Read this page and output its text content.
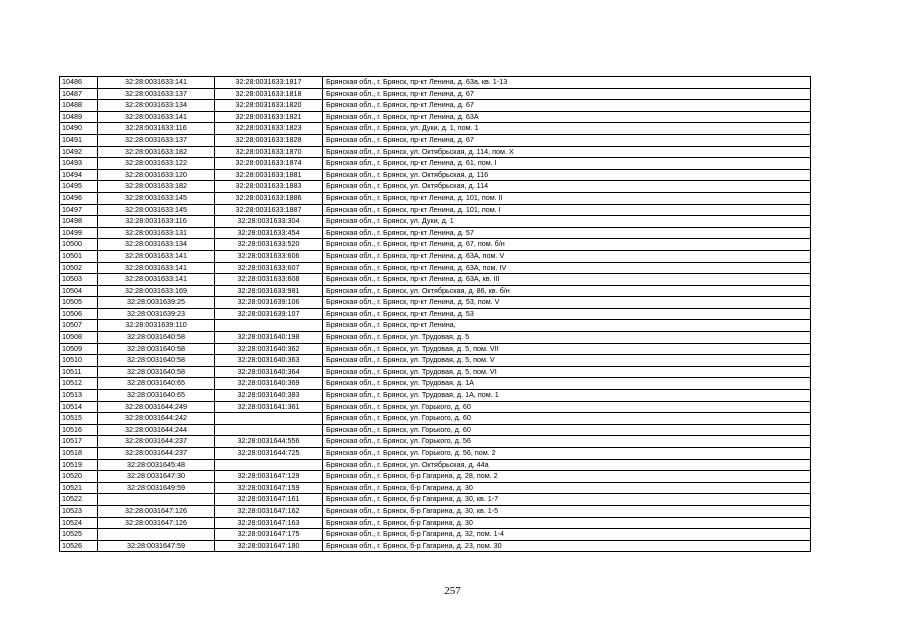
10486	32:28:0031633:141	32:28:0031633:1817	Брянская обл., г. Брянск, пр-кт Ленина, д. 63а, кв. 1-13
10487	32:28:0031633:137	32:28:0031633:1818	Брянская обл., г. Брянск, пр-кт Ленина, д. 67
10488	32:28:0031633:134	32:28:0031633:1820	Брянская обл., г. Брянск, пр-кт Ленина, д. 67
10489	32:28:0031633:141	32:28:0031633:1821	Брянская обл., г. Брянск, пр-кт Ленина, д. 63А
10490	32:28:0031633:116	32:28:0031633:1823	Брянская обл., г. Брянск, ул. Дуки, д. 1, пом. 1
10491	32:28:0031633:137	32:28:0031633:1828	Брянская обл., г. Брянск, пр-кт Ленина, д. 67
10492	32:28:0031633:182	32:28:0031633:1870	Брянская обл., г. Брянск, ул. Октябрьская, д. 114, пом. X
10493	32:28:0031633:122	32:28:0031633:1874	Брянская обл., г. Брянск, пр-кт Ленина, д. 61, пом. I
10494	32:28:0031633:120	32:28:0031633:1881	Брянская обл., г. Брянск, ул. Октябрьская, д. 116
10495	32:28:0031633:182	32:28:0031633:1883	Брянская обл., г. Брянск, ул. Октябрьская, д. 114
10496	32:28:0031633:145	32:28:0031633:1886	Брянская обл., г. Брянск, пр-кт Ленина, д. 101, пом. II
10497	32:28:0031633:145	32:28:0031633:1887	Брянская обл., г. Брянск, пр-кт Ленина, д. 101, пом. I
10498	32:28:0031633:116	32:28:0031633:304	Брянская обл., г. Брянск, ул. Дуки, д. 1
10499	32:28:0031633:131	32:28:0031633:454	Брянская обл., г. Брянск, пр-кт Ленина, д. 57
10500	32:28:0031633:134	32:28:0031633:520	Брянская обл., г. Брянск, пр-кт Ленина, д. 67, пом. б/н
10501	32:28:0031633:141	32:28:0031633:606	Брянская обл., г. Брянск, пр-кт Ленина, д. 63А, пом. V
10502	32:28:0031633:141	32:28:0031633:607	Брянская обл., г. Брянск, пр-кт Ленина, д. 63А, пом. IV
10503	32:28:0031633:141	32:28:0031633:608	Брянская обл., г. Брянск, пр-кт Ленина, д. 63А, кв. III
10504	32:28:0031633:169	32:28:0031633:981	Брянская обл., г. Брянск, ул. Октябрьская, д. 86, кв. б/н
10505	32:28:0031639:25	32:28:0031639:106	Брянская обл., г. Брянск, пр-кт Ленина, д. 53, пом. V
10506	32:28:0031639:23	32:28:0031639:107	Брянская обл., г. Брянск, пр-кт Ленина, д. 53
10507	32:28:0031639:110		Брянская обл., г. Брянск, пр-кт Ленина,
10508	32:28:0031640:58	32:28:0031640:198	Брянская обл., г. Брянск, ул. Трудовая, д. 5
10509	32:28:0031640:58	32:28:0031640:362	Брянская обл., г. Брянск, ул. Трудовая, д. 5, пом. VII
10510	32:28:0031640:58	32:28:0031640:363	Брянская обл., г. Брянск, ул. Трудовая, д. 5, пом. V
10511	32:28:0031640:58	32:28:0031640:364	Брянская обл., г. Брянск, ул. Трудовая, д. 5, пом. VI
10512	32:28:0031640:65	32:28:0031640:369	Брянская обл., г. Брянск, ул. Трудовая, д. 1А
10513	32:28:0031640:65	32:28:0031640:383	Брянская обл., г. Брянск, ул. Трудовая, д. 1А, пом. 1
10514	32:28:0031644:249	32:28:0031641:361	Брянская обл., г. Брянск, ул. Горького, д. 60
10515	32:28:0031644:242		Брянская обл., г. Брянск, ул. Горького, д. 60
10516	32:28:0031644:244		Брянская обл., г. Брянск, ул. Горького, д. 60
10517	32:28:0031644:237	32:28:0031644:556	Брянская обл., г. Брянск, ул. Горького, д. 56
10518	32:28:0031644:237	32:28:0031644:725	Брянская обл., г. Брянск, ул. Горького, д. 56, пом. 2
10519	32:28:0031645:48		Брянская обл., г. Брянск, ул. Октябрьская, д. 44а
10520	32:28:0031647:30	32:28:0031647:129	Брянская обл., г. Брянск, б-р Гагарина, д. 28, пом. 2
10521	32:28:0031649:59	32:28:0031647:159	Брянская обл., г. Брянск, б-р Гагарина, д. 30
10522		32:28:0031647:161	Брянская обл., г. Брянск, б-р Гагарина, д. 30, кв. 1-7
10523	32:28:0031647:126	32:28:0031647:162	Брянская обл., г. Брянск, б-р Гагарина, д. 30, кв. 1-5
10524	32:28:0031647:126	32:28:0031647:163	Брянская обл., г. Брянск, б-р Гагарина, д. 30
10525		32:28:0031647:175	Брянская обл., г. Брянск, б-р Гагарина, д. 32, пом. 1-4
10526	32:28:0031647:59	32:28:0031647:180	Брянская обл., г. Брянск, б-р Гагарина, д. 23, пом. 30
257
